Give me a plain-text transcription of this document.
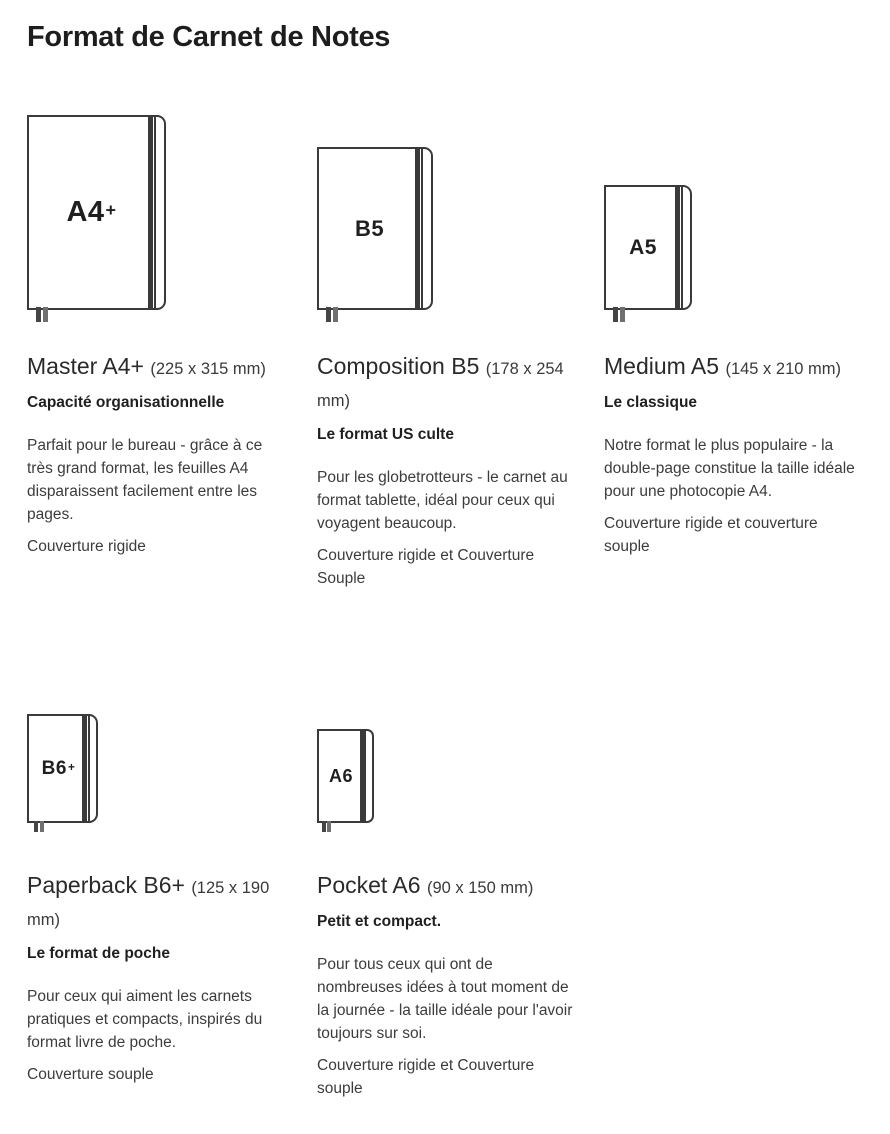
Format de Carnet de Notes
A4 +
Master A4+ (225 x 315 mm)
Capacité organisationnelle

Parfait pour le bureau - grâce à ce très grand format, les feuilles A4 disparaissent facilement entre les pages.

Couverture rigide

B5
Composition B5 (178 x 254 mm)
Le format US culte

Pour les globetrotteurs - le carnet au format tablette, idéal pour ceux qui voyagent beaucoup.

Couverture rigide et Couverture Souple

A5
Medium A5 (145 x 210 mm)
Le classique

Notre format le plus populaire - la double-page constitue la taille idéale pour une photocopie A4.

Couverture rigide et couverture souple

B6 +
Paperback B6+ (125 x 190 mm)
Le format de poche

Pour ceux qui aiment les carnets pratiques et compacts, inspirés du format livre de poche.

Couverture souple

A6
Pocket A6 (90 x 150 mm)
Petit et compact.

Pour tous ceux qui ont de nombreuses idées à tout moment de la journée - la taille idéale pour l'avoir toujours sur soi.

Couverture rigide et Couverture souple
